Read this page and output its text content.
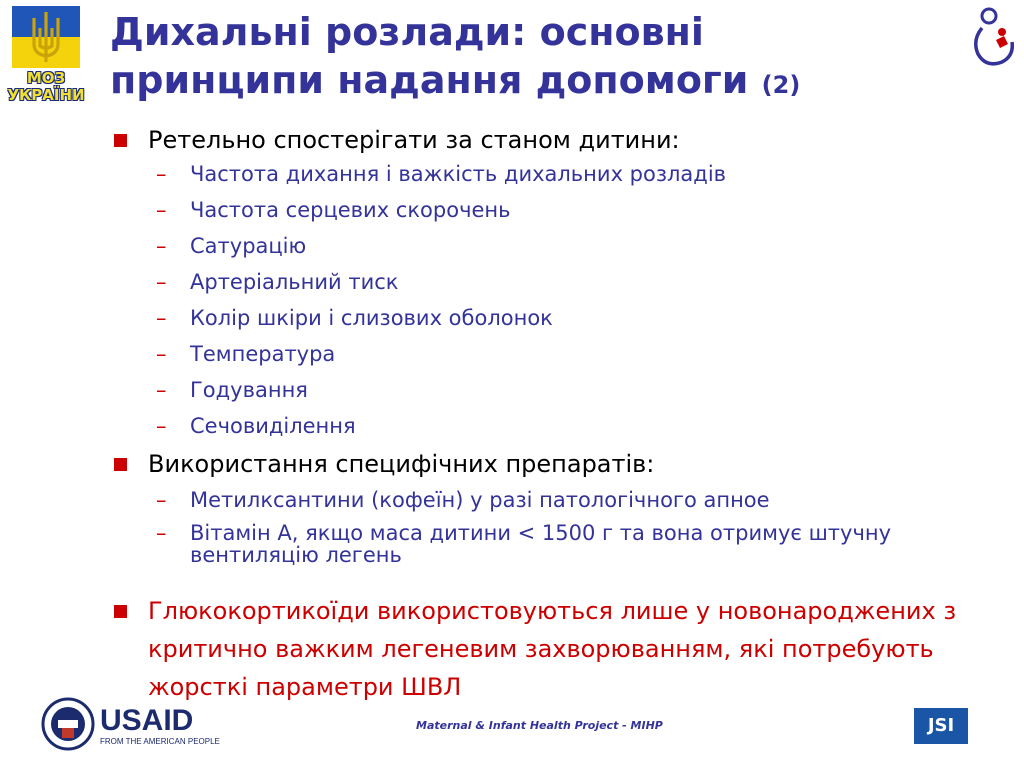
МОЗ УКРАЇНИ
Дихальні розлади: основні принципи надання допомоги (2)
Ретельно спостерігати за станом дитини:
– Частота дихання і важкість дихальних розладів
– Частота серцевих скорочень
– Сатурацію
– Артеріальний тиск
– Колір шкіри і слизових оболонок
– Температура
– Годування
– Сечовиділення
Використання специфічних препаратів:
– Метилксантини (кофеїн) у разі патологічного апное
– Вітамін А, якщо маса дитини < 1500 г та вона отримує штучну вентиляцію легень
Глюкокортикоїди використовуються лише у новонароджених з критично важким легеневим захворюванням, які потребують жорсткі параметри ШВЛ
USAID
FROM THE AMERICAN PEOPLE
Maternal & Infant Health Project - MIHP	JSI
